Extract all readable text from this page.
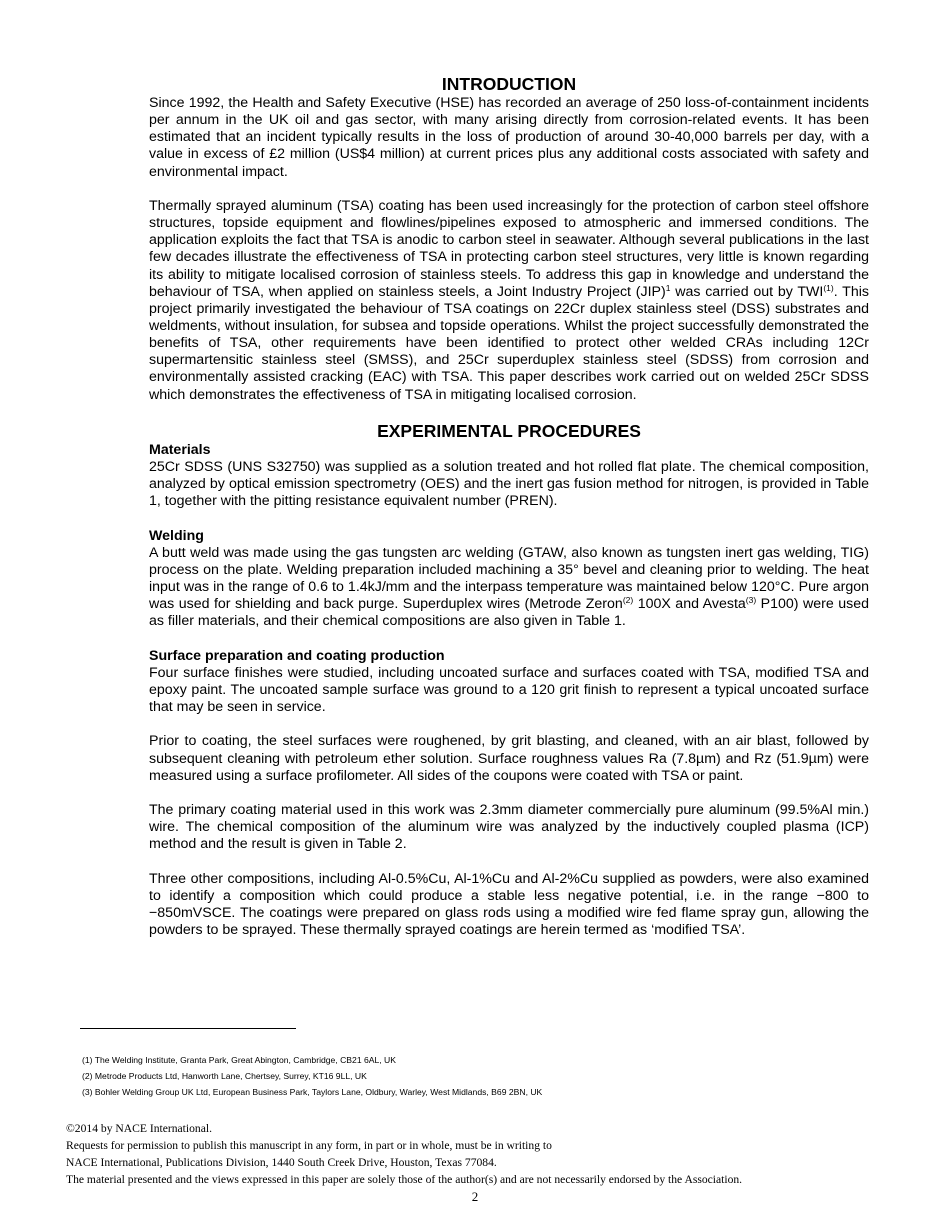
INTRODUCTION

Since 1992, the Health and Safety Executive (HSE) has recorded an average of 250 loss-of-containment incidents per annum in the UK oil and gas sector, with many arising directly from corrosion-related events. It has been estimated that an incident typically results in the loss of production of around 30-40,000 barrels per day, with a value in excess of £2 million (US$4 million) at current prices plus any additional costs associated with safety and environmental impact.

Thermally sprayed aluminum (TSA) coating has been used increasingly for the protection of carbon steel offshore structures, topside equipment and flowlines/pipelines exposed to atmospheric and immersed conditions. The application exploits the fact that TSA is anodic to carbon steel in seawater. Although several publications in the last few decades illustrate the effectiveness of TSA in protecting carbon steel structures, very little is known regarding its ability to mitigate localised corrosion of stainless steels. To address this gap in knowledge and understand the behaviour of TSA, when applied on stainless steels, a Joint Industry Project (JIP)$^1$ was carried out by TWI$^{(1)}$. This project primarily investigated the behaviour of TSA coatings on 22Cr duplex stainless steel (DSS) substrates and weldments, without insulation, for subsea and topside operations. Whilst the project successfully demonstrated the benefits of TSA, other requirements have been identified to protect other welded CRAs including 12Cr supermartensitic stainless steel (SMSS), and 25Cr superduplex stainless steel (SDSS) from corrosion and environmentally assisted cracking (EAC) with TSA. This paper describes work carried out on welded 25Cr SDSS which demonstrates the effectiveness of TSA in mitigating localised corrosion.

EXPERIMENTAL PROCEDURES
Materials

25Cr SDSS (UNS S32750) was supplied as a solution treated and hot rolled flat plate. The chemical composition, analyzed by optical emission spectrometry (OES) and the inert gas fusion method for nitrogen, is provided in Table 1, together with the pitting resistance equivalent number (PREN).

Welding

A butt weld was made using the gas tungsten arc welding (GTAW, also known as tungsten inert gas welding, TIG) process on the plate. Welding preparation included machining a 35° bevel and cleaning prior to welding. The heat input was in the range of 0.6 to 1.4kJ/mm and the interpass temperature was maintained below 120°C. Pure argon was used for shielding and back purge. Superduplex wires (Metrode Zeron$^{(2)}$ 100X and Avesta$^{(3)}$ P100) were used as filler materials, and their chemical compositions are also given in Table 1.

Surface preparation and coating production

Four surface finishes were studied, including uncoated surface and surfaces coated with TSA, modified TSA and epoxy paint. The uncoated sample surface was ground to a 120 grit finish to represent a typical uncoated surface that may be seen in service.

Prior to coating, the steel surfaces were roughened, by grit blasting, and cleaned, with an air blast, followed by subsequent cleaning with petroleum ether solution. Surface roughness values Ra (7.8µm) and Rz (51.9µm) were measured using a surface profilometer. All sides of the coupons were coated with TSA or paint.

The primary coating material used in this work was 2.3mm diameter commercially pure aluminum (99.5%Al min.) wire. The chemical composition of the aluminum wire was analyzed by the inductively coupled plasma (ICP) method and the result is given in Table 2.

Three other compositions, including Al-0.5%Cu, Al-1%Cu and Al-2%Cu supplied as powders, were also examined to identify a composition which could produce a stable less negative potential, i.e. in the range −800 to −850mVSCE. The coatings were prepared on glass rods using a modified wire fed flame spray gun, allowing the powders to be sprayed. These thermally sprayed coatings are herein termed as ‘modified TSA’.

(1) The Welding Institute, Granta Park, Great Abington, Cambridge, CB21 6AL, UK
(2) Metrode Products Ltd, Hanworth Lane, Chertsey, Surrey, KT16 9LL, UK
(3) Bohler Welding Group UK Ltd, European Business Park, Taylors Lane, Oldbury, Warley, West Midlands, B69 2BN, UK
©2014 by NACE International.
Requests for permission to publish this manuscript in any form, in part or in whole, must be in writing to
NACE International, Publications Division, 1440 South Creek Drive, Houston, Texas 77084.
The material presented and the views expressed in this paper are solely those of the author(s) and are not necessarily endorsed by the Association.
2
